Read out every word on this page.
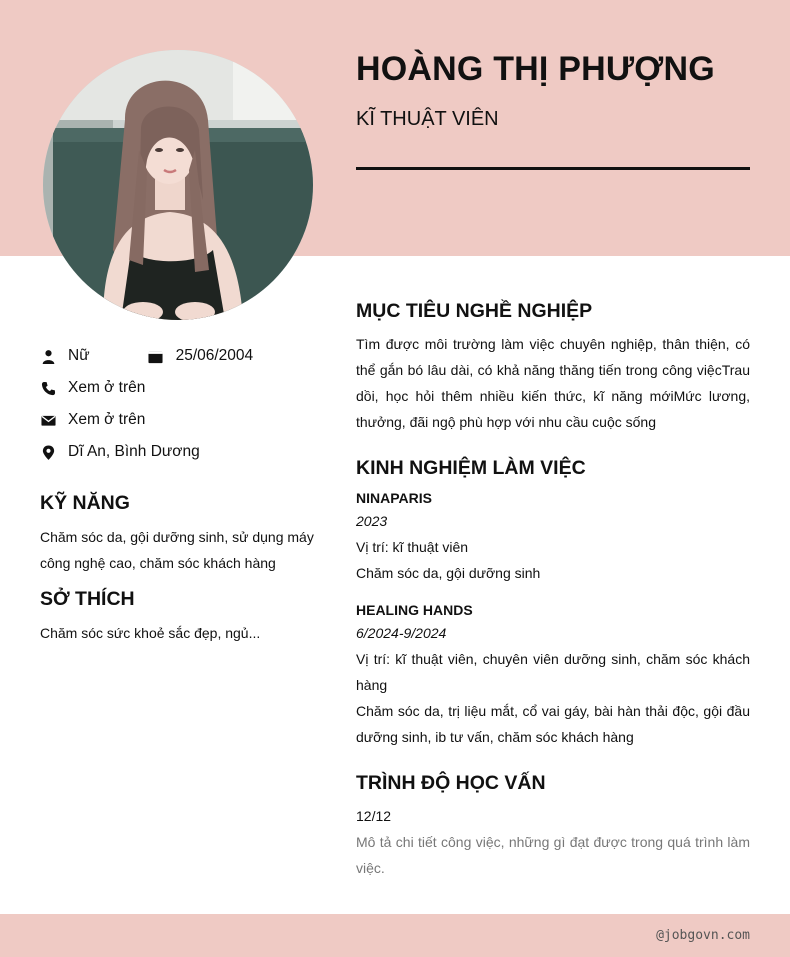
HOÀNG THỊ PHƯỢNG
KĨ THUẬT VIÊN
Nữ	25/06/2004
Xem ở trên
Xem ở trên
Dĩ An, Bình Dương
KỸ NĂNG
Chăm sóc da, gội dưỡng sinh, sử dụng máy công nghệ cao, chăm sóc khách hàng
SỞ THÍCH
Chăm sóc sức khoẻ sắc đẹp, ngủ...
MỤC TIÊU NGHỀ NGHIỆP
Tìm được môi trường làm việc chuyên nghiệp, thân thiện, có thể gắn bó lâu dài, có khả năng thăng tiến trong công việcTrau dồi, học hỏi thêm nhiều kiến thức, kĩ năng mớiMức lương, thưởng, đãi ngộ phù hợp với nhu cầu cuộc sống
KINH NGHIỆM LÀM VIỆC
NINAPARIS
2023
Vị trí: kĩ thuật viên
Chăm sóc da, gội dưỡng sinh
HEALING HANDS
6/2024-9/2024
Vị trí: kĩ thuật viên, chuyên viên dưỡng sinh, chăm sóc khách hàng
Chăm sóc da, trị liệu mắt, cổ vai gáy, bài hàn thải độc, gội đầu dưỡng sinh, ib tư vấn, chăm sóc khách hàng
TRÌNH ĐỘ HỌC VẤN
12/12
Mô tả chi tiết công việc, những gì đạt được trong quá trình làm việc.
@jobgovn.com
